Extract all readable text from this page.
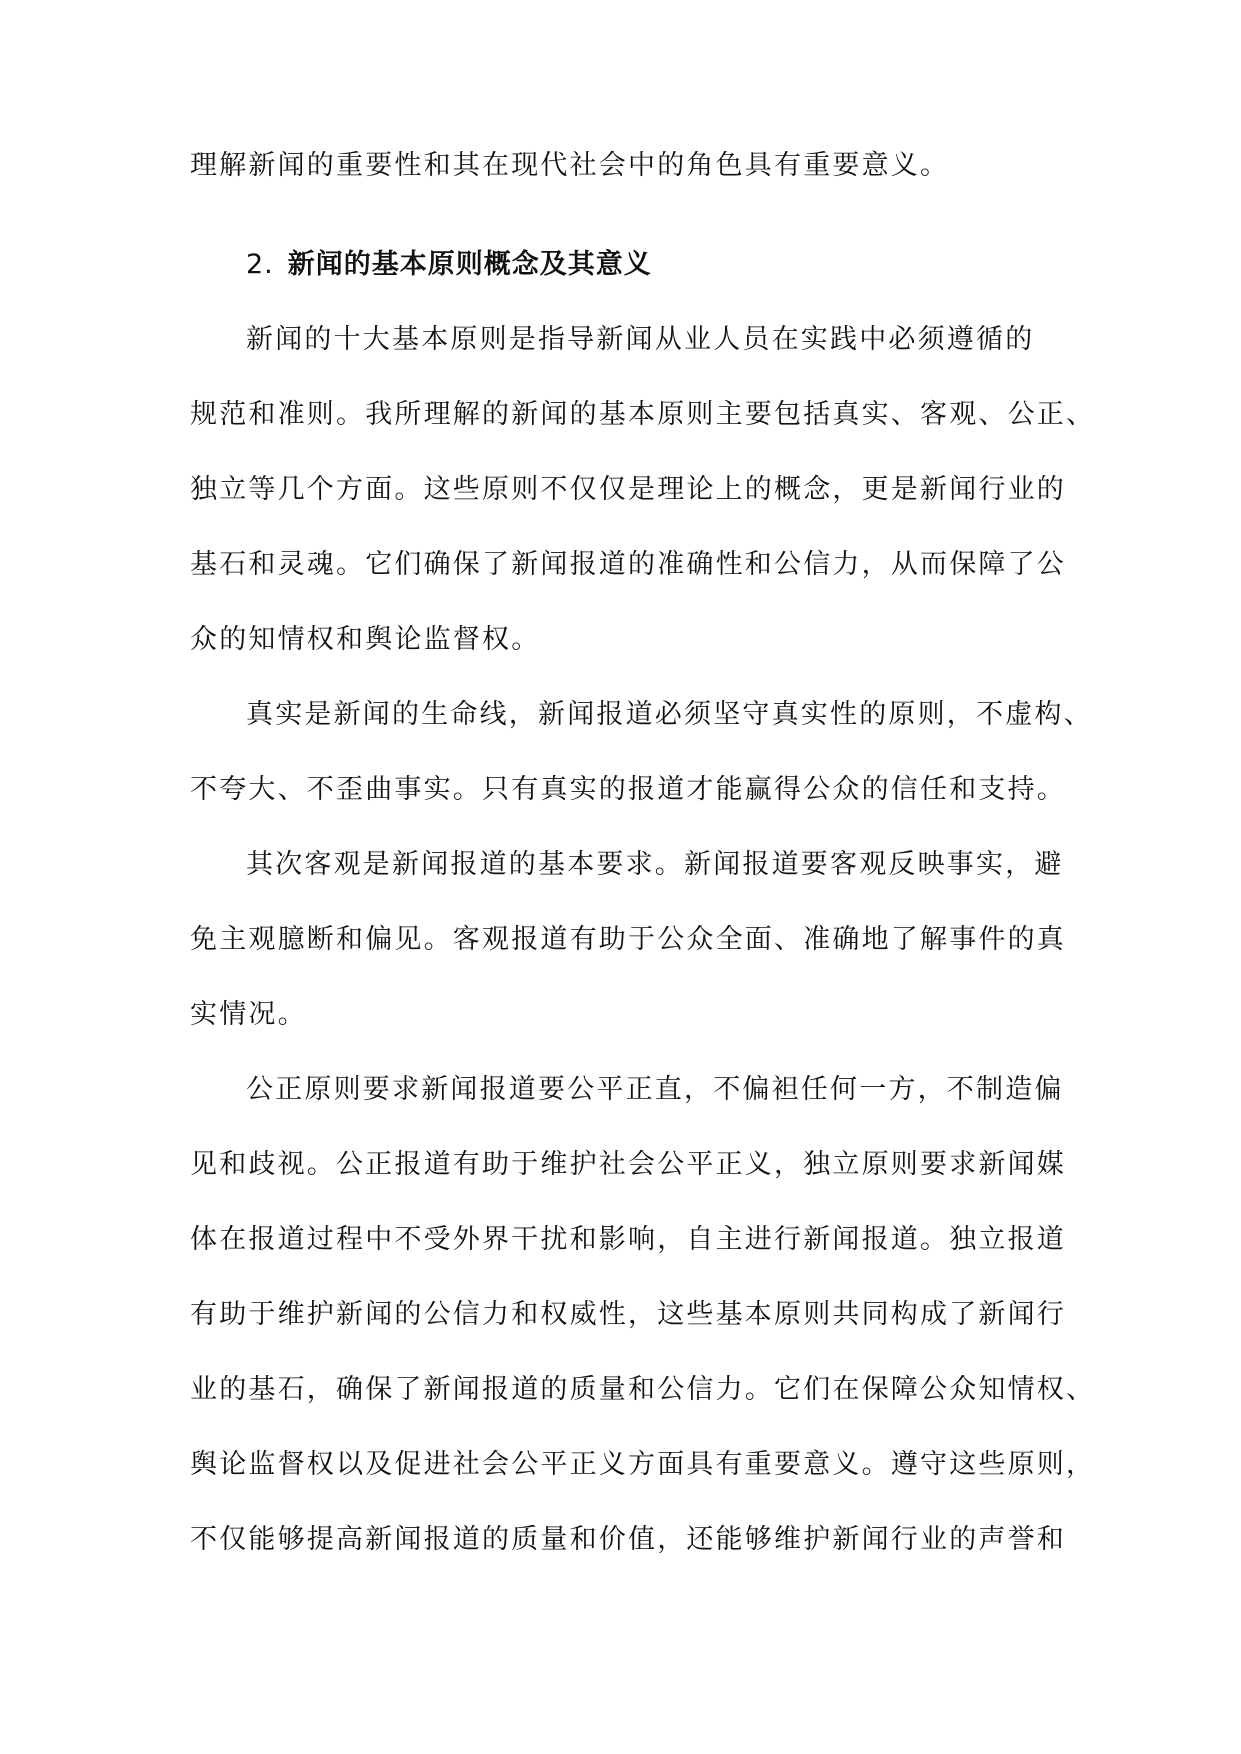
理解新闻的重要性和其在现代社会中的角色具有重要意义。
2. 新闻的基本原则概念及其意义
新闻的十大基本原则是指导新闻从业人员在实践中必须遵循的
规范和准则。我所理解的新闻的基本原则主要包括真实、客观、公正、
独立等几个方面。这些原则不仅仅是理论上的概念，更是新闻行业的
基石和灵魂。它们确保了新闻报道的准确性和公信力，从而保障了公
众的知情权和舆论监督权。
真实是新闻的生命线，新闻报道必须坚守真实性的原则，不虚构、
不夸大、不歪曲事实。只有真实的报道才能赢得公众的信任和支持。
其次客观是新闻报道的基本要求。新闻报道要客观反映事实，避
免主观臆断和偏见。客观报道有助于公众全面、准确地了解事件的真
实情况。
公正原则要求新闻报道要公平正直，不偏袒任何一方，不制造偏
见和歧视。公正报道有助于维护社会公平正义，独立原则要求新闻媒
体在报道过程中不受外界干扰和影响，自主进行新闻报道。独立报道
有助于维护新闻的公信力和权威性，这些基本原则共同构成了新闻行
业的基石，确保了新闻报道的质量和公信力。它们在保障公众知情权、
舆论监督权以及促进社会公平正义方面具有重要意义。遵守这些原则，
不仅能够提高新闻报道的质量和价值，还能够维护新闻行业的声誉和
